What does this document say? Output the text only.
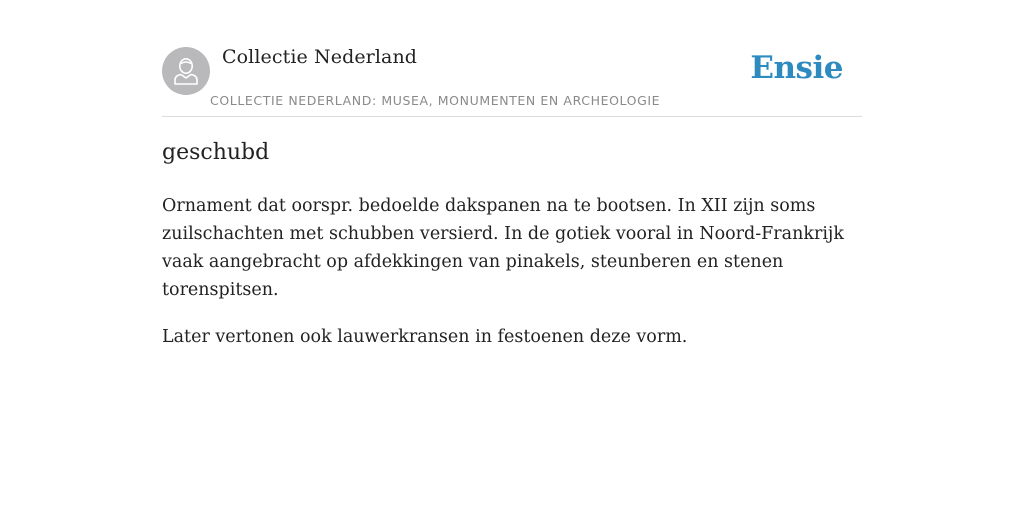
Collectie Nederland
COLLECTIE NEDERLAND: MUSEA, MONUMENTEN EN ARCHEOLOGIE
Ensie
geschubd

Ornament dat oorspr. bedoelde dakspanen na te bootsen. In XII zijn soms zuilschachten met schubben versierd. In de gotiek vooral in Noord-Frankrijk vaak aangebracht op afdekkingen van pinakels, steunberen en stenen torenspitsen.

Later vertonen ook lauwerkransen in festoenen deze vorm.
